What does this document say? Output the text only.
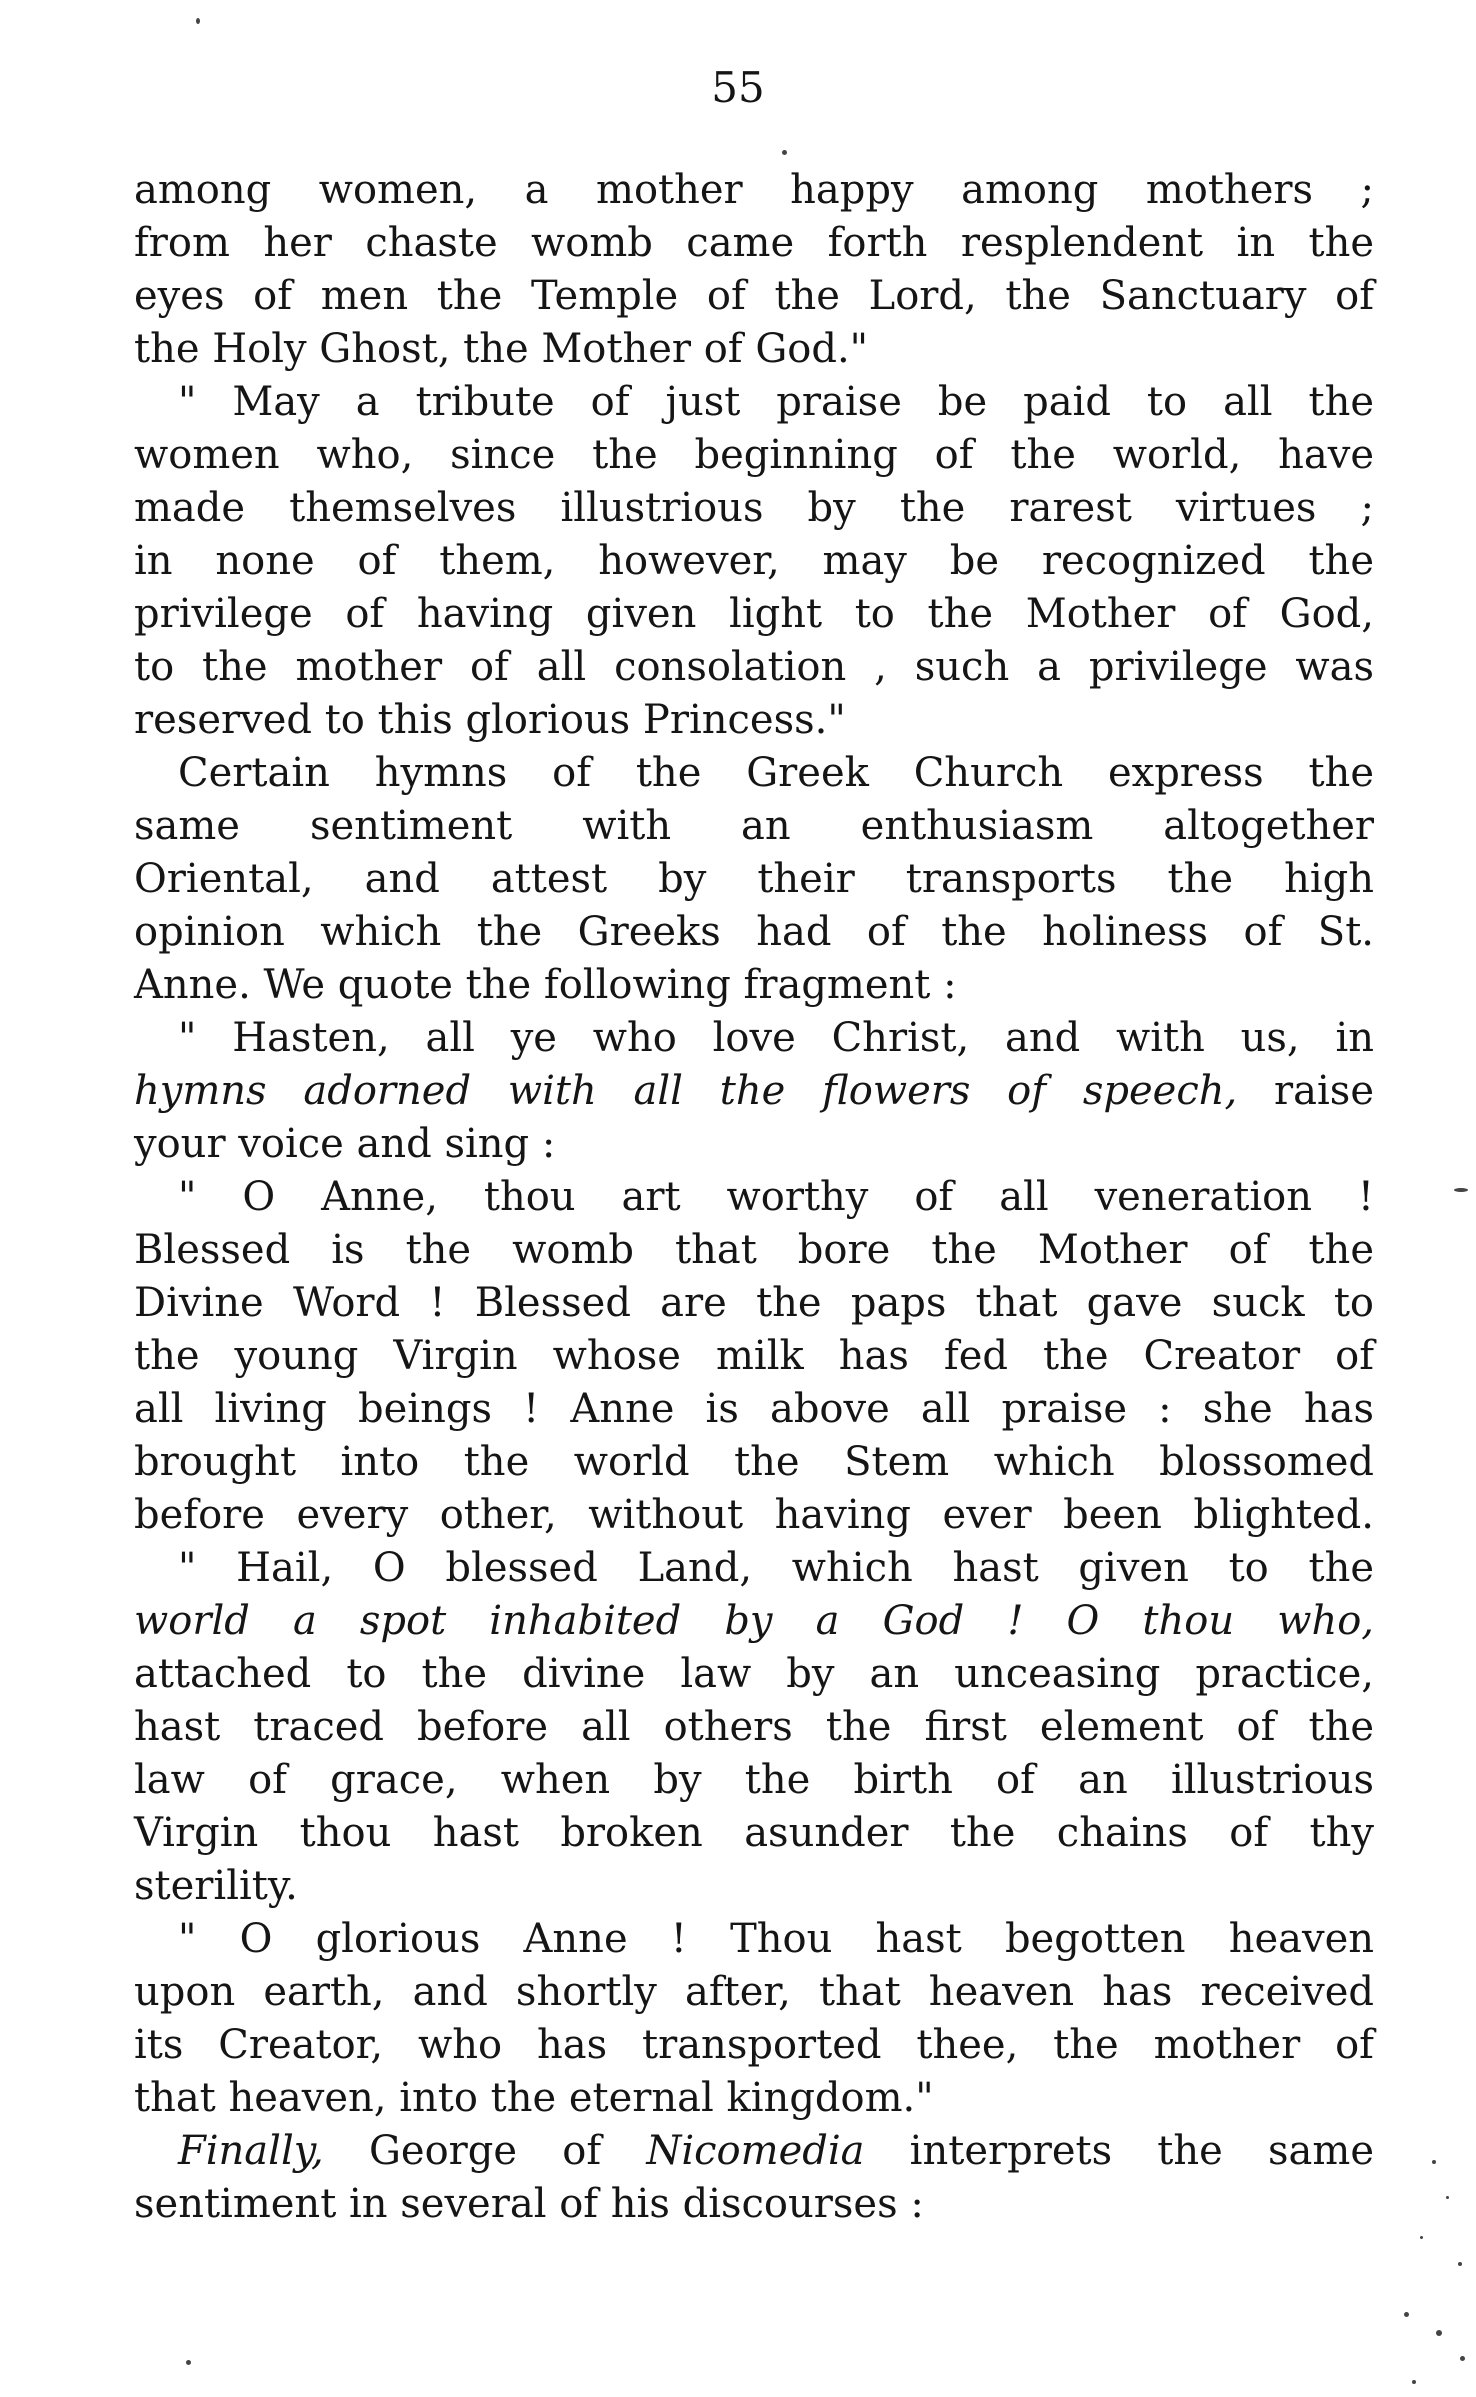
55
among women, a mother happy among mothers ;
from her chaste womb came forth resplendent in the
eyes of men the Temple of the Lord, the Sanctuary of
the Holy Ghost, the Mother of God."
" May a tribute of just praise be paid to all the
women who, since the beginning of the world, have
made themselves illustrious by the rarest virtues ;
in none of them, however, may be recognized the
privilege of having given light to the Mother of God,
to the mother of all consolation , such a privilege was
reserved to this glorious Princess."
Certain hymns of the Greek Church express the
same sentiment with an enthusiasm altogether
Oriental, and attest by their transports the high
opinion which the Greeks had of the holiness of St.
Anne. We quote the following fragment :
" Hasten, all ye who love Christ, and with us, in
hymns adorned with all the flowers of speech, raise
your voice and sing :
" O Anne, thou art worthy of all veneration !
Blessed is the womb that bore the Mother of the
Divine Word ! Blessed are the paps that gave suck to
the young Virgin whose milk has fed the Creator of
all living beings ! Anne is above all praise : she has
brought into the world the Stem which blossomed
before every other, without having ever been blighted.
" Hail, O blessed Land, which hast given to the
world a spot inhabited by a God ! O thou who,
attached to the divine law by an unceasing practice,
hast traced before all others the first element of the
law of grace, when by the birth of an illustrious
Virgin thou hast broken asunder the chains of thy
sterility.
" O glorious Anne ! Thou hast begotten heaven
upon earth, and shortly after, that heaven has received
its Creator, who has transported thee, the mother of
that heaven, into the eternal kingdom."
Finally, George of Nicomedia interprets the same
sentiment in several of his discourses :
